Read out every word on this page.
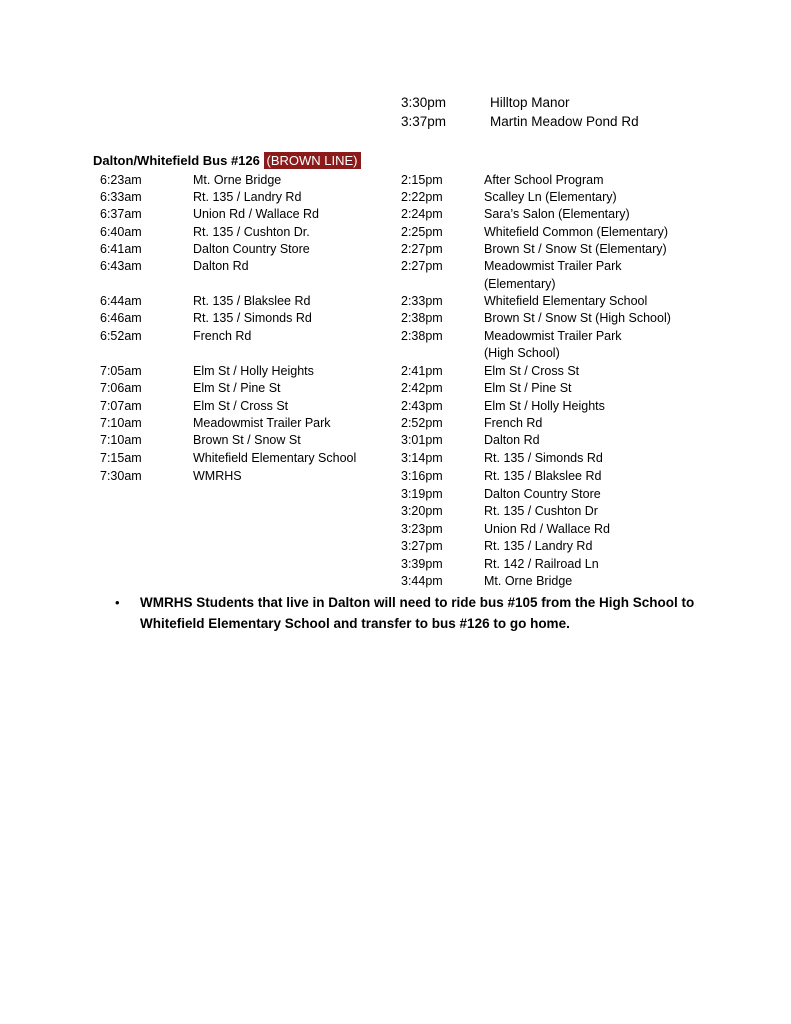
3:30pm	Hilltop Manor
3:37pm	Martin Meadow Pond Rd
Dalton/Whitefield Bus #126 (BROWN LINE)
6:23am	Mt. Orne Bridge
6:33am	Rt. 135 / Landry Rd
6:37am	Union Rd / Wallace Rd
6:40am	Rt. 135 / Cushton Dr.
6:41am	Dalton Country Store
6:43am	Dalton Rd
6:44am	Rt. 135 / Blakslee Rd
6:46am	Rt. 135 / Simonds Rd
6:52am	French Rd
7:05am	Elm St / Holly Heights
7:06am	Elm St / Pine St
7:07am	Elm St / Cross St
7:10am	Meadowmist Trailer Park
7:10am	Brown St / Snow St
7:15am	Whitefield Elementary School
7:30am	WMRHS
2:15pm	After School Program
2:22pm	Scalley Ln (Elementary)
2:24pm	Sara’s Salon (Elementary)
2:25pm	Whitefield Common (Elementary)
2:27pm	Brown St / Snow St (Elementary)
2:27pm	Meadowmist Trailer Park
(Elementary)
2:33pm	Whitefield Elementary School
2:38pm	Brown St / Snow St (High School)
2:38pm	Meadowmist Trailer Park
(High School)
2:41pm	Elm St / Cross St
2:42pm	Elm St / Pine St
2:43pm	Elm St / Holly Heights
2:52pm	French Rd
3:01pm	Dalton Rd
3:14pm	Rt. 135 / Simonds Rd
3:16pm	Rt. 135 / Blakslee Rd
3:19pm	Dalton Country Store
3:20pm	Rt. 135 / Cushton Dr
3:23pm	Union Rd / Wallace Rd
3:27pm	Rt. 135 / Landry Rd
3:39pm	Rt. 142 / Railroad Ln
3:44pm	Mt. Orne Bridge
• WMRHS Students that live in Dalton will need to ride bus #105 from the High School to Whitefield Elementary School and transfer to bus #126 to go home.
